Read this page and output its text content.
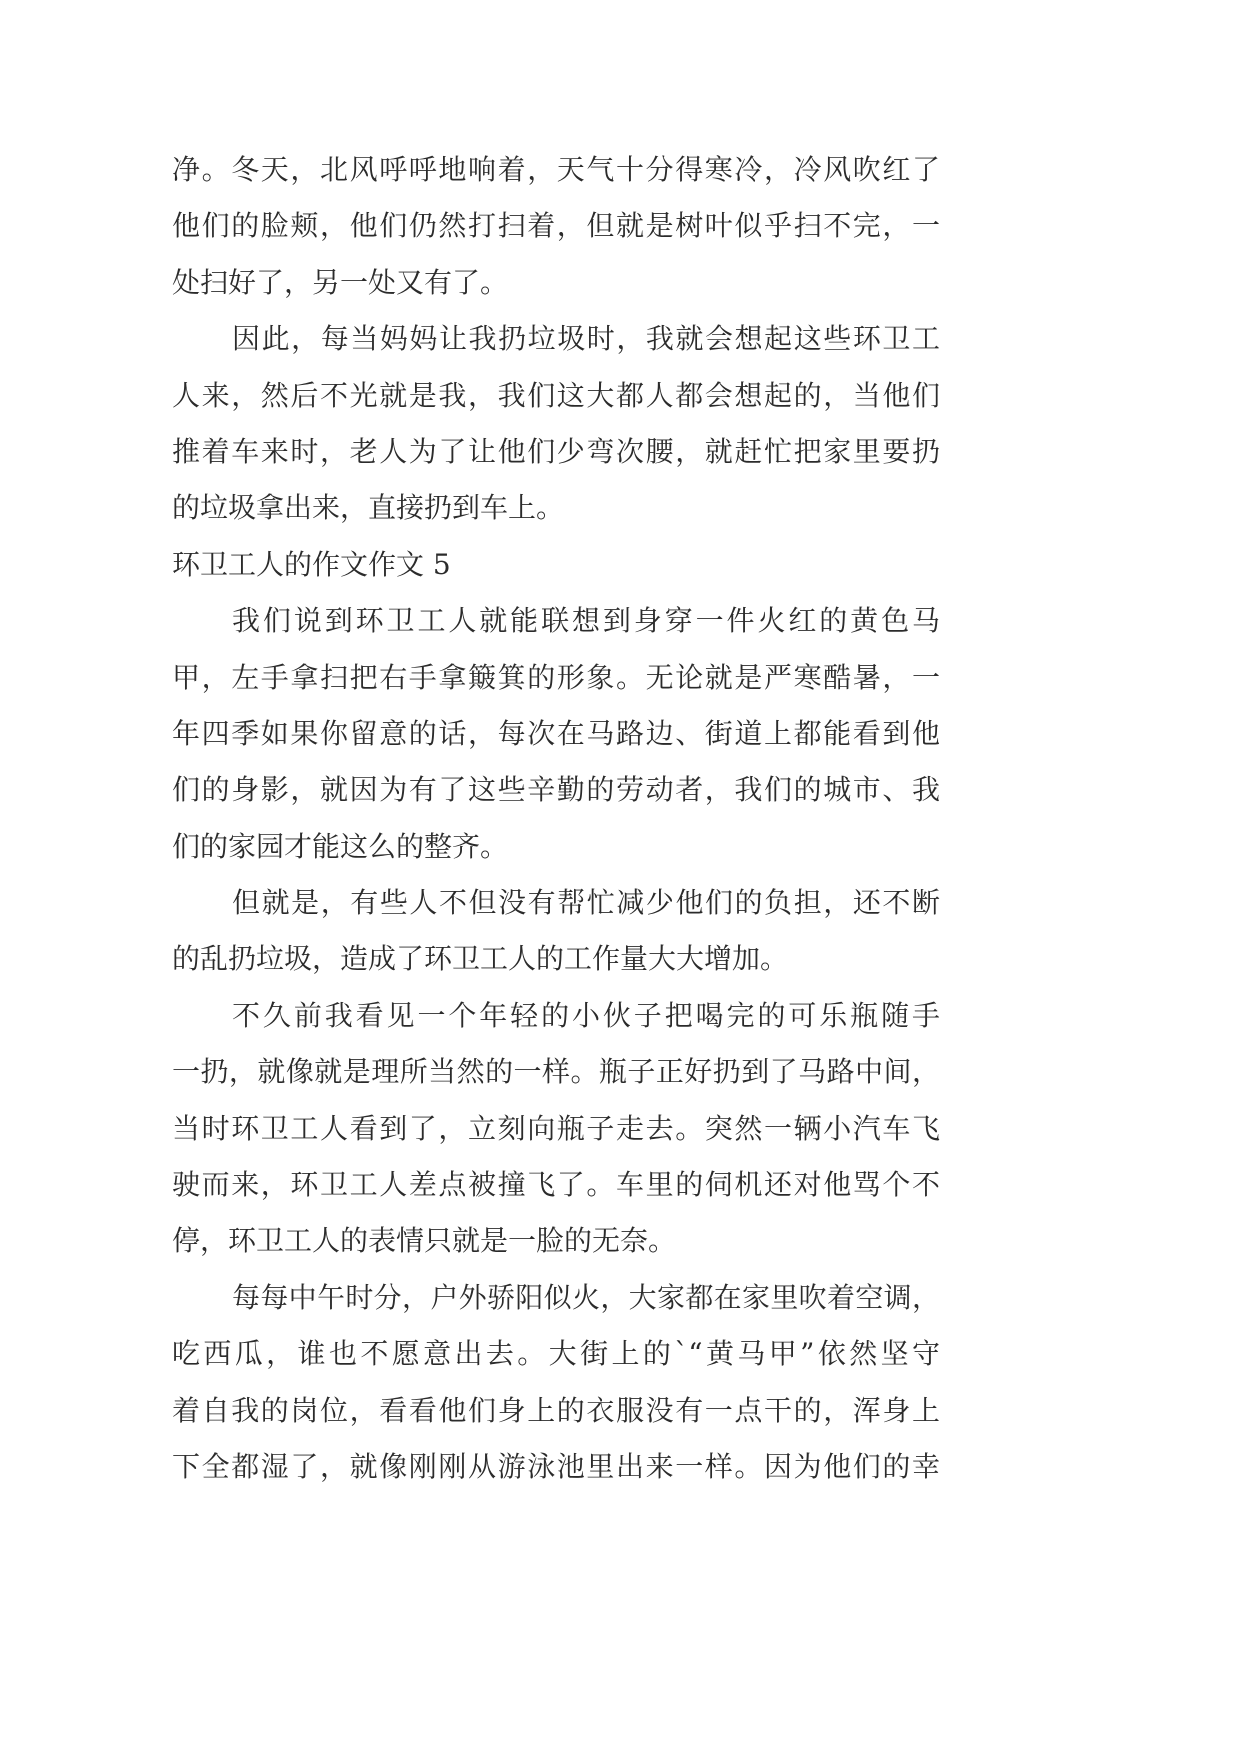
净。冬天，北风呼呼地响着，天气十分得寒冷，冷风吹红了
他们的脸颊，他们仍然打扫着，但就是树叶似乎扫不完，一
处扫好了，另一处又有了。
因此，每当妈妈让我扔垃圾时，我就会想起这些环卫工
人来，然后不光就是我，我们这大都人都会想起的，当他们
推着车来时，老人为了让他们少弯次腰，就赶忙把家里要扔
的垃圾拿出来，直接扔到车上。
环卫工人的作文作文 5
我们说到环卫工人就能联想到身穿一件火红的黄色马
甲，左手拿扫把右手拿簸箕的形象。无论就是严寒酷暑，一
年四季如果你留意的话，每次在马路边、街道上都能看到他
们的身影，就因为有了这些辛勤的劳动者，我们的城市、我
们的家园才能这么的整齐。
但就是，有些人不但没有帮忙减少他们的负担，还不断
的乱扔垃圾，造成了环卫工人的工作量大大增加。
不久前我看见一个年轻的小伙子把喝完的可乐瓶随手
一扔，就像就是理所当然的一样。瓶子正好扔到了马路中间，
当时环卫工人看到了，立刻向瓶子走去。突然一辆小汽车飞
驶而来，环卫工人差点被撞飞了。车里的伺机还对他骂个不
停，环卫工人的表情只就是一脸的无奈。
每每中午时分，户外骄阳似火，大家都在家里吹着空调，
吃西瓜，谁也不愿意出去。大街上的`“黄马甲”依然坚守
着自我的岗位，看看他们身上的衣服没有一点干的，浑身上
下全都湿了，就像刚刚从游泳池里出来一样。因为他们的幸
